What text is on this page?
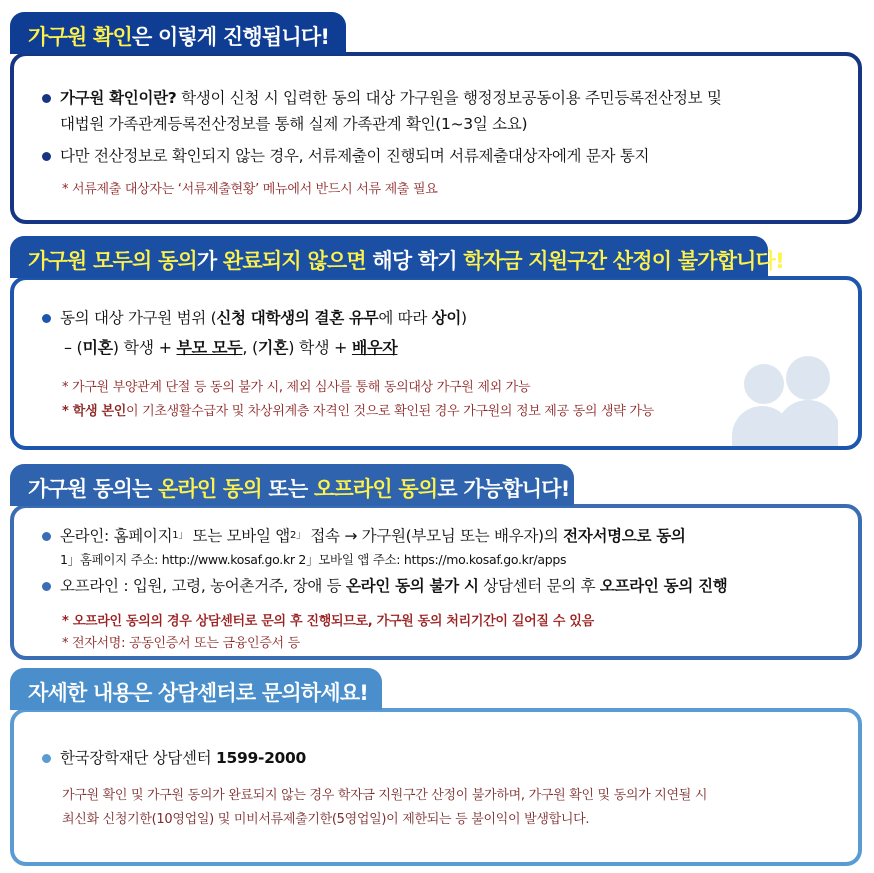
가구원 확인이란? 학생이 신청 시 입력한 동의 대상 가구원을 행정정보공동이용 주민등록전산정보 및
대법원 가족관계등록전산정보를 통해 실제 가족관계 확인(1~3일 소요)
다만 전산정보로 확인되지 않는 경우, 서류제출이 진행되며 서류제출대상자에게 문자 통지
* 서류제출 대상자는 ‘서류제출현황’ 메뉴에서 반드시 서류 제출 필요
가구원 확인은 이렇게 진행됩니다!
동의 대상 가구원 범위 (신청 대학생의 결혼 유무에 따라 상이)
– (미혼) 학생 + 부모 모두, (기혼) 학생 + 배우자
* 가구원 부양관계 단절 등 동의 불가 시, 제외 심사를 통해 동의대상 가구원 제외 가능
* 학생 본인이 기초생활수급자 및 차상위계층 자격인 것으로 확인된 경우 가구원의 정보 제공 동의 생략 가능
가구원 모두의 동의가 완료되지 않으면 해당 학기 학자금 지원구간 산정이 불가합니다!
온라인: 홈페이지$^{1」}$ 또는 모바일 앱$^{2」}$ 접속 → 가구원(부모님 또는 배우자)의 전자서명으로 동의
1」홈페이지 주소: http://www.kosaf.go.kr 2」모바일 앱 주소: https://mo.kosaf.go.kr/apps
오프라인 : 입원, 고령, 농어촌거주, 장애 등 온라인 동의 불가 시 상담센터 문의 후 오프라인 동의 진행
* 오프라인 동의의 경우 상담센터로 문의 후 진행되므로, 가구원 동의 처리기간이 길어질 수 있음
* 전자서명: 공동인증서 또는 금융인증서 등
가구원 동의는 온라인 동의 또는 오프라인 동의로 가능합니다!
한국장학재단 상담센터 1599-2000
가구원 확인 및 가구원 동의가 완료되지 않는 경우 학자금 지원구간 산정이 불가하며, 가구원 확인 및 동의가 지연될 시
최신화 신청기한(10영업일) 및 미비서류제출기한(5영업일)이 제한되는 등 불이익이 발생합니다.
자세한 내용은 상담센터로 문의하세요!
